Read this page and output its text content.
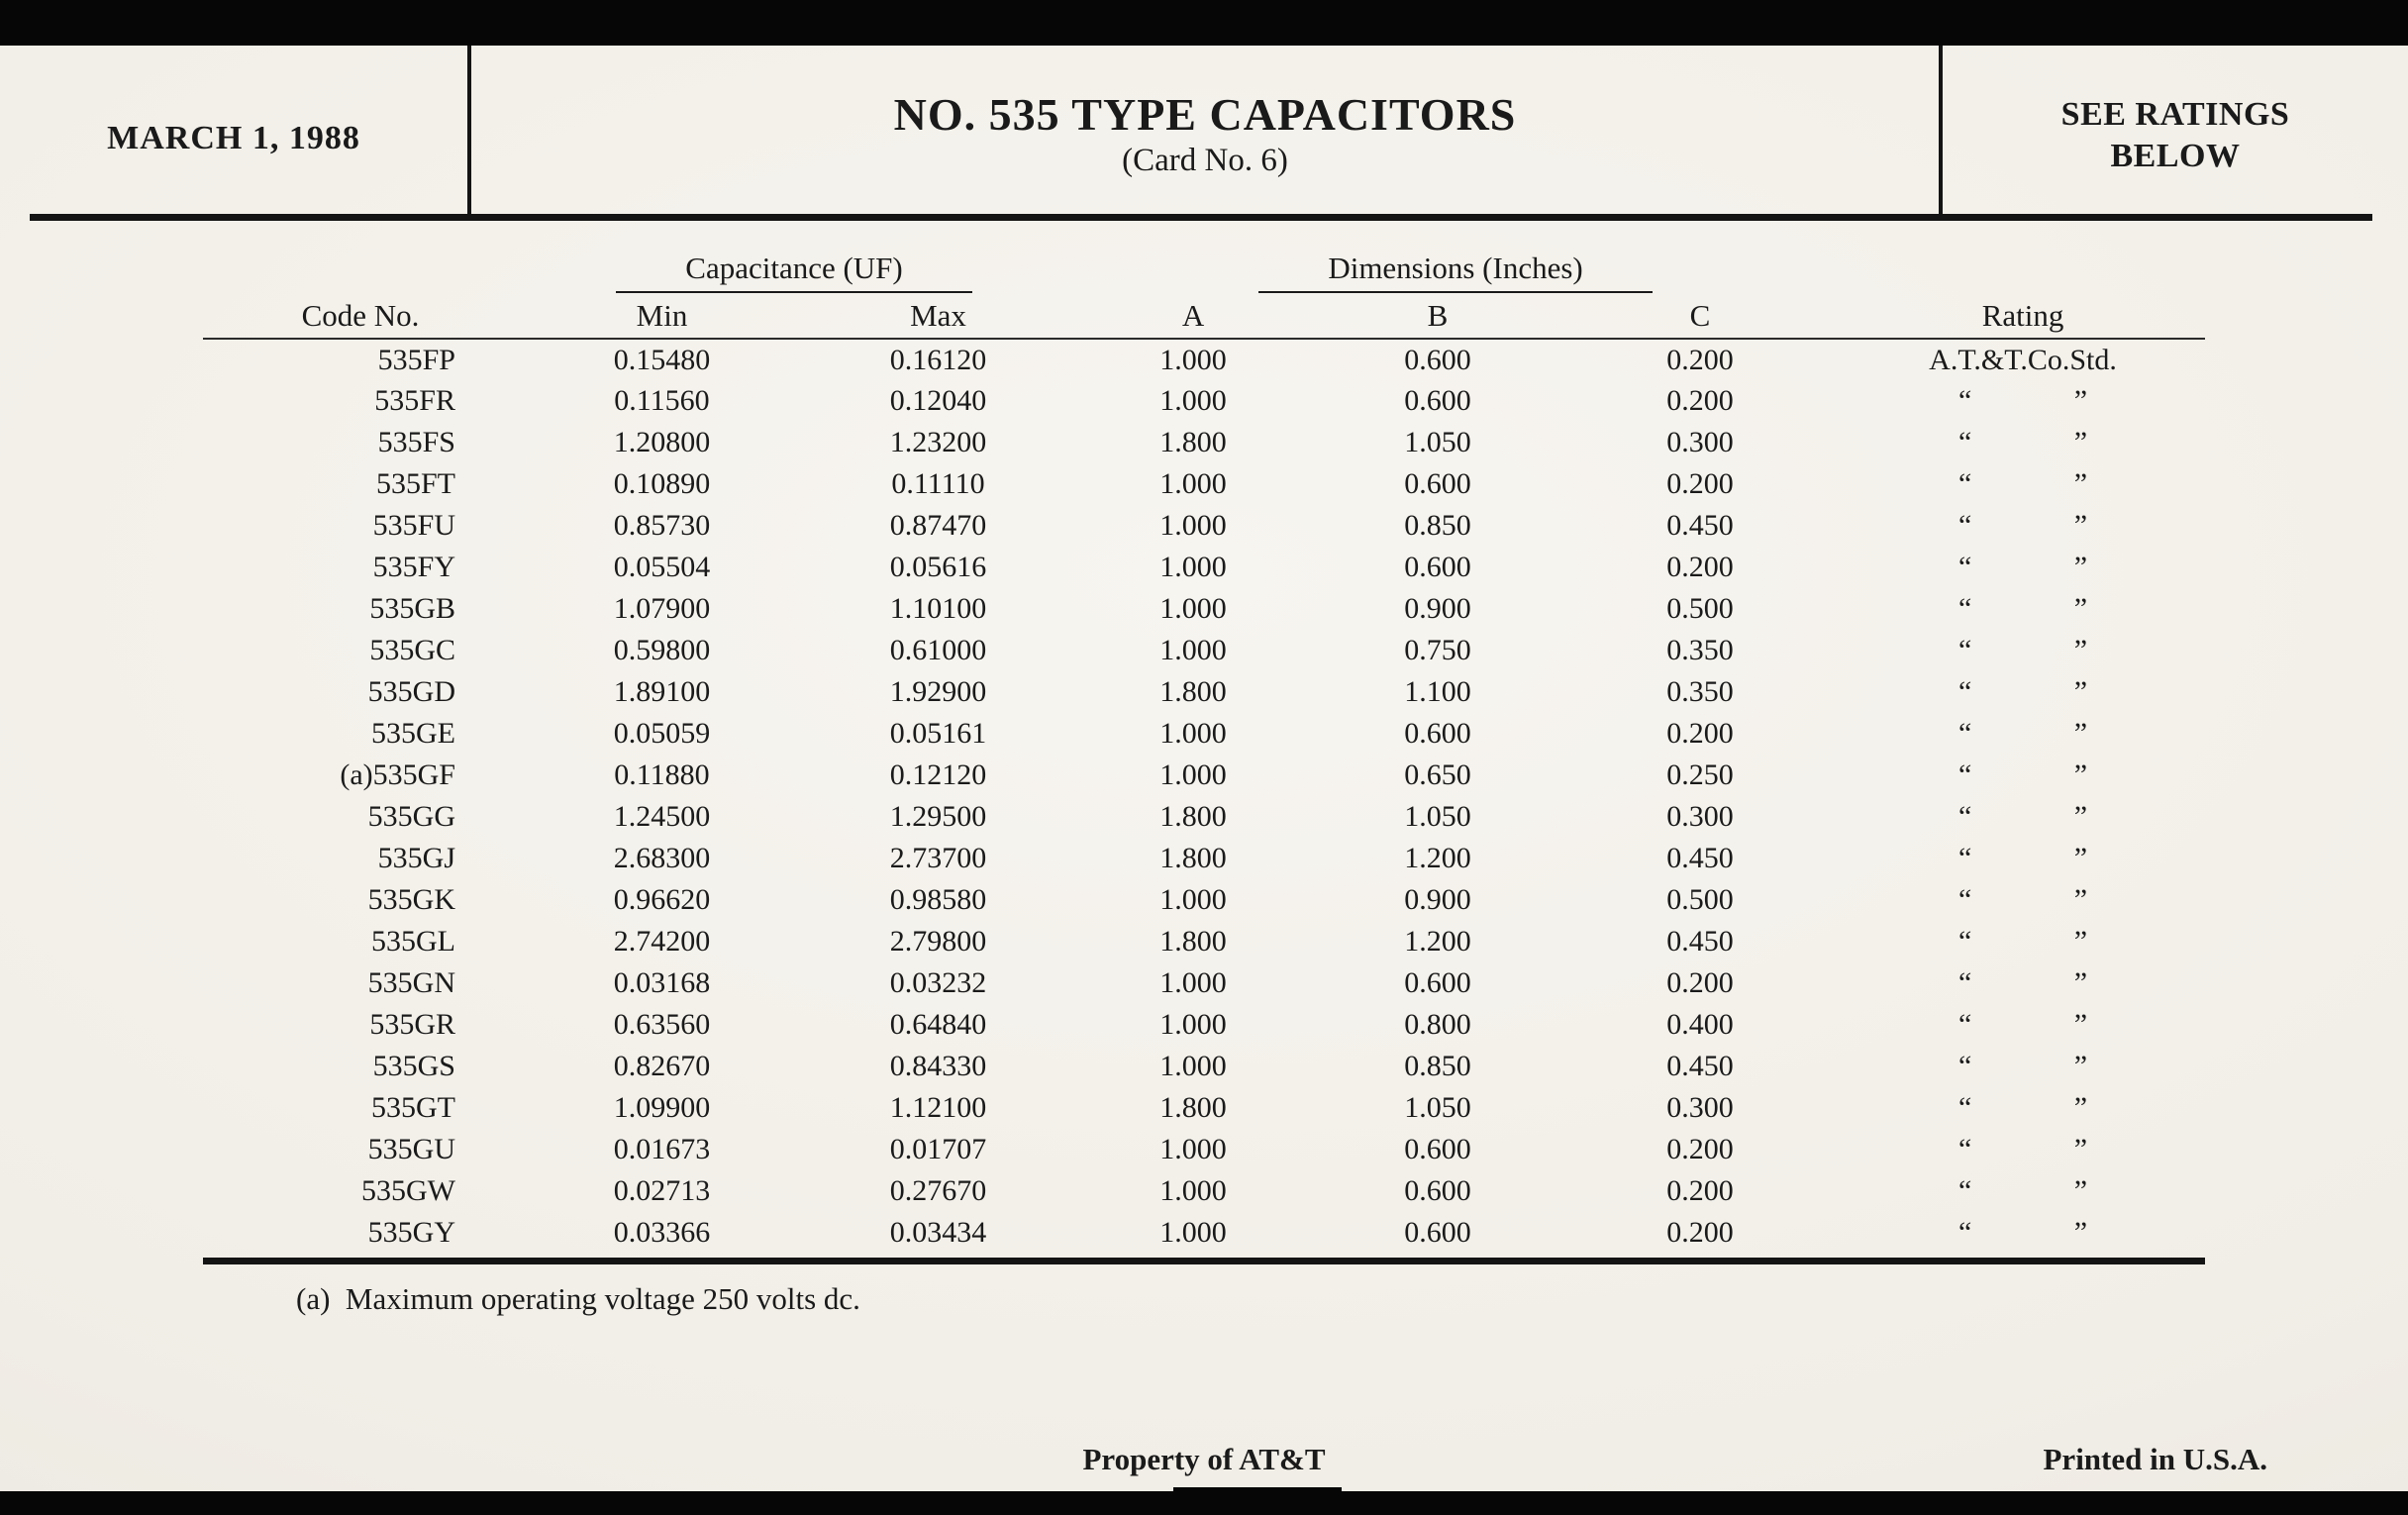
MARCH 1, 1988	NO. 535 TYPE CAPACITORS
(Card No. 6)
SEE RATINGS
BELOW
	Capacitance (UF)		Dimensions (Inches)			
Code No.	Min	Max	A	B	C	Rating
535FP	0.15480	0.16120	1.000	0.600	0.200	A.T.&T.Co.Std.
535FR	0.11560	0.12040	1.000	0.600	0.200	“ ”

535FS	1.20800	1.23200	1.800	1.050	0.300	“ ”

535FT	0.10890	0.11110	1.000	0.600	0.200	“ ”

535FU	0.85730	0.87470	1.000	0.850	0.450	“ ”

535FY	0.05504	0.05616	1.000	0.600	0.200	“ ”

535GB	1.07900	1.10100	1.000	0.900	0.500	“ ”

535GC	0.59800	0.61000	1.000	0.750	0.350	“ ”

535GD	1.89100	1.92900	1.800	1.100	0.350	“ ”

535GE	0.05059	0.05161	1.000	0.600	0.200	“ ”

(a)535GF	0.11880	0.12120	1.000	0.650	0.250	“ ”

535GG	1.24500	1.29500	1.800	1.050	0.300	“ ”

535GJ	2.68300	2.73700	1.800	1.200	0.450	“ ”

535GK	0.96620	0.98580	1.000	0.900	0.500	“ ”

535GL	2.74200	2.79800	1.800	1.200	0.450	“ ”

535GN	0.03168	0.03232	1.000	0.600	0.200	“ ”

535GR	0.63560	0.64840	1.000	0.800	0.400	“ ”

535GS	0.82670	0.84330	1.000	0.850	0.450	“ ”

535GT	1.09900	1.12100	1.800	1.050	0.300	“ ”

535GU	0.01673	0.01707	1.000	0.600	0.200	“ ”

535GW	0.02713	0.27670	1.000	0.600	0.200	“ ”

535GY	0.03366	0.03434	1.000	0.600	0.200	“ ”
(a)  Maximum operating voltage 250 volts dc.
Property of AT&T	Printed in U.S.A.
